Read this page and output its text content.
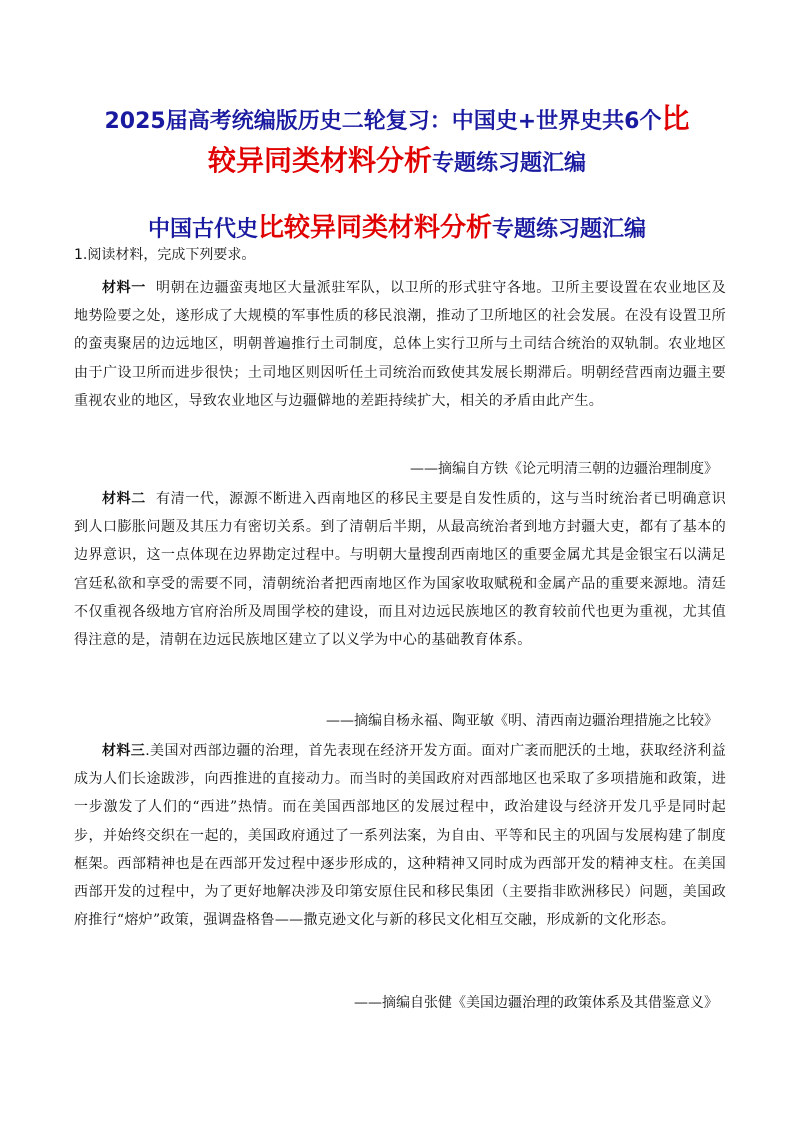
2025届高考统编版历史二轮复习：中国史+世界史共6个比
较异同类材料分析专题练习题汇编
中国古代史比较异同类材料分析专题练习题汇编
1.阅读材料，完成下列要求。
材料一 明朝在边疆蛮夷地区大量派驻军队，以卫所的形式驻守各地。卫所主要设置在农业地区及地势险要之处，遂形成了大规模的军事性质的移民浪潮，推动了卫所地区的社会发展。在没有设置卫所的蛮夷聚居的边远地区，明朝普遍推行土司制度，总体上实行卫所与土司结合统治的双轨制。农业地区由于广设卫所而进步很快；土司地区则因听任土司统治而致使其发展长期滞后。明朝经营西南边疆主要重视农业的地区，导致农业地区与边疆僻地的差距持续扩大，相关的矛盾由此产生。
——摘编自方铁《论元明清三朝的边疆治理制度》
材料二 有清一代，源源不断进入西南地区的移民主要是自发性质的，这与当时统治者已明确意识到人口膨胀问题及其压力有密切关系。到了清朝后半期，从最高统治者到地方封疆大吏，都有了基本的边界意识，这一点体现在边界勘定过程中。与明朝大量搜刮西南地区的重要金属尤其是金银宝石以满足宫廷私欲和享受的需要不同，清朝统治者把西南地区作为国家收取赋税和金属产品的重要来源地。清廷不仅重视各级地方官府治所及周围学校的建设，而且对边远民族地区的教育较前代也更为重视，尤其值得注意的是，清朝在边远民族地区建立了以义学为中心的基础教育体系。
——摘编自杨永福、陶亚敏《明、清西南边疆治理措施之比较》
材料三.美国对西部边疆的治理，首先表现在经济开发方面。面对广袤而肥沃的土地，获取经济利益成为人们长途跋涉，向西推进的直接动力。而当时的美国政府对西部地区也采取了多项措施和政策，进一步激发了人们的“西进”热情。而在美国西部地区的发展过程中，政治建设与经济开发几乎是同时起步，并始终交织在一起的，美国政府通过了一系列法案，为自由、平等和民主的巩固与发展构建了制度框架。西部精神也是在西部开发过程中逐步形成的，这种精神又同时成为西部开发的精神支柱。在美国西部开发的过程中，为了更好地解决涉及印第安原住民和移民集团（主要指非欧洲移民）问题，美国政府推行“熔炉”政策，强调盎格鲁——撒克逊文化与新的移民文化相互交融，形成新的文化形态。
——摘编自张健《美国边疆治理的政策体系及其借鉴意义》
